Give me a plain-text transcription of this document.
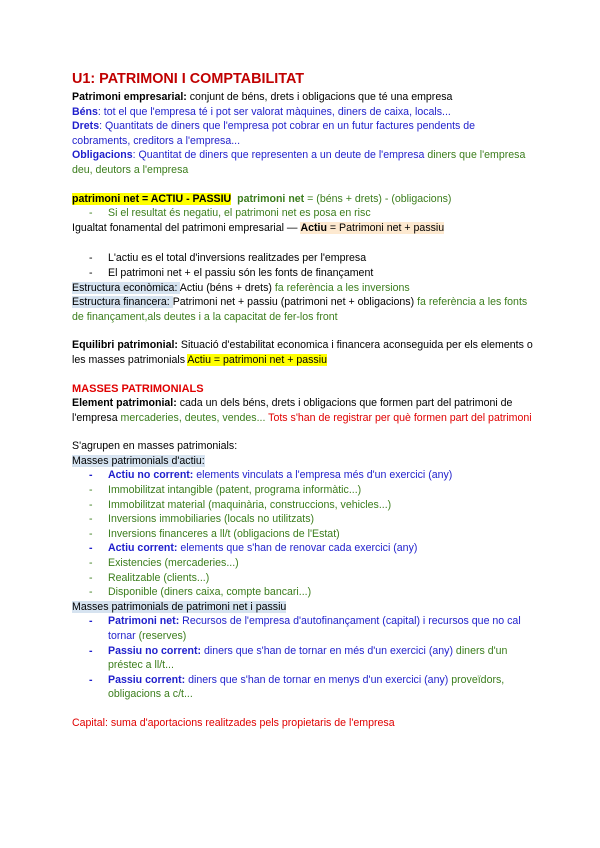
U1: PATRIMONI I COMPTABILITAT

Patrimoni empresarial: conjunt de béns, drets i obligacions que té una empresa

Béns: tot el que l'empresa té i pot ser valorat màquines, diners de caixa, locals...

Drets: Quantitats de diners que l'empresa pot cobrar en un futur factures pendents de cobraments, creditors a l'empresa...

Obligacions: Quantitat de diners que representen a un deute de l'empresa diners que l'empresa deu, deutors a l'empresa

patrimoni net = ACTIU - PASSIU patrimoni net = (béns + drets) - (obligacions)

- Si el resultat és negatiu, el patrimoni net es posa en risc

Igualtat fonamental del patrimoni empresarial — Actiu = Patrimoni net + passiu

- L'actiu es el total d'inversions realitzades per l'empresa
- El patrimoni net + el passiu són les fonts de finançament

Estructura econòmica: Actiu (béns + drets) fa referència a les inversions

Estructura financera: Patrimoni net + passiu (patrimoni net + obligacions) fa referència a les fonts de finançament,als deutes i a la capacitat de fer-los front

Equilibri patrimonial: Situació d'estabilitat economica i financera aconseguida per els elements o les masses patrimonials Actiu = patrimoni net + passiu

MASSES PATRIMONIALS

Element patrimonial: cada un dels béns, drets i obligacions que formen part del patrimoni de l'empresa mercaderies, deutes, vendes... Tots s'han de registrar per què formen part del patrimoni

S'agrupen en masses patrimonials:

Masses patrimonials d'actiu:

- Actiu no corrent: elements vinculats a l'empresa més d'un exercici (any)
- Immobilitzat intangible (patent, programa informàtic...)
- Immobilitzat material (maquinària, construccions, vehicles...)
- Inversions immobiliaries (locals no utilitzats)
- Inversions financeres a ll/t (obligacions de l'Estat)
- Actiu corrent: elements que s'han de renovar cada exercici (any)
- Existencies (mercaderies...)
- Realitzable (clients...)
- Disponible (diners caixa, compte bancari...)

Masses patrimonials de patrimoni net i passiu

- Patrimoni net: Recursos de l'empresa d'autofinançament (capital) i recursos que no cal tornar (reserves)
- Passiu no corrent: diners que s'han de tornar en més d'un exercici (any) diners d'un préstec a ll/t...
- Passiu corrent: diners que s'han de tornar en menys d'un exercici (any) proveïdors, obligacions a c/t...

Capital: suma d'aportacions realitzades pels propietaris de l'empresa
